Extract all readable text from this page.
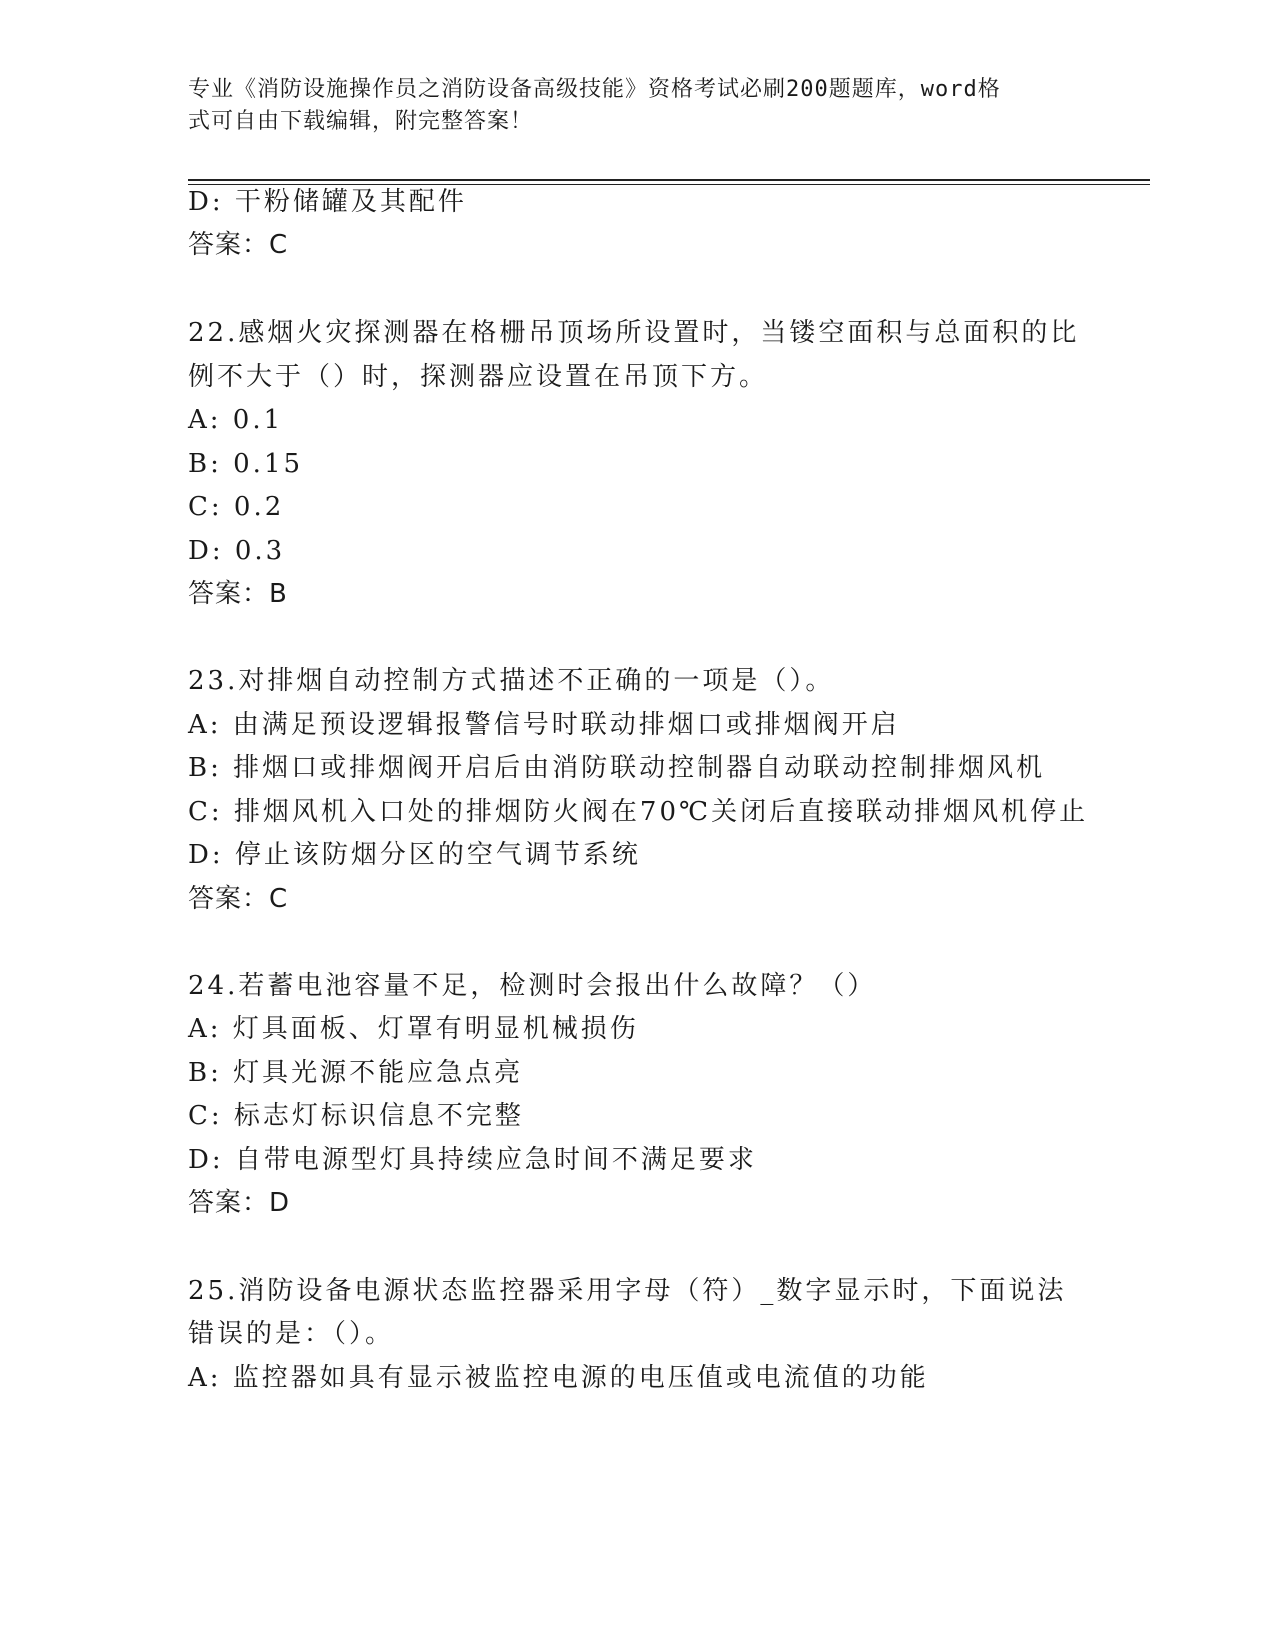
专业《消防设施操作员之消防设备高级技能》资格考试必刷200题题库，word格
式可自由下载编辑，附完整答案！
D: 干粉储罐及其配件
答案：C
22.感烟火灾探测器在格栅吊顶场所设置时，当镂空面积与总面积的比
例不大于（）时，探测器应设置在吊顶下方。
A: 0.1
B: 0.15
C: 0.2
D: 0.3
答案：B
23.对排烟自动控制方式描述不正确的一项是（）。
A: 由满足预设逻辑报警信号时联动排烟口或排烟阀开启
B: 排烟口或排烟阀开启后由消防联动控制器自动联动控制排烟风机
C: 排烟风机入口处的排烟防火阀在70℃关闭后直接联动排烟风机停止
D: 停止该防烟分区的空气调节系统
答案：C
24.若蓄电池容量不足，检测时会报出什么故障？（）
A: 灯具面板、灯罩有明显机械损伤
B: 灯具光源不能应急点亮
C: 标志灯标识信息不完整
D: 自带电源型灯具持续应急时间不满足要求
答案：D
25.消防设备电源状态监控器采用字母（符）_数字显示时，下面说法
错误的是：（）。
A: 监控器如具有显示被监控电源的电压值或电流值的功能
